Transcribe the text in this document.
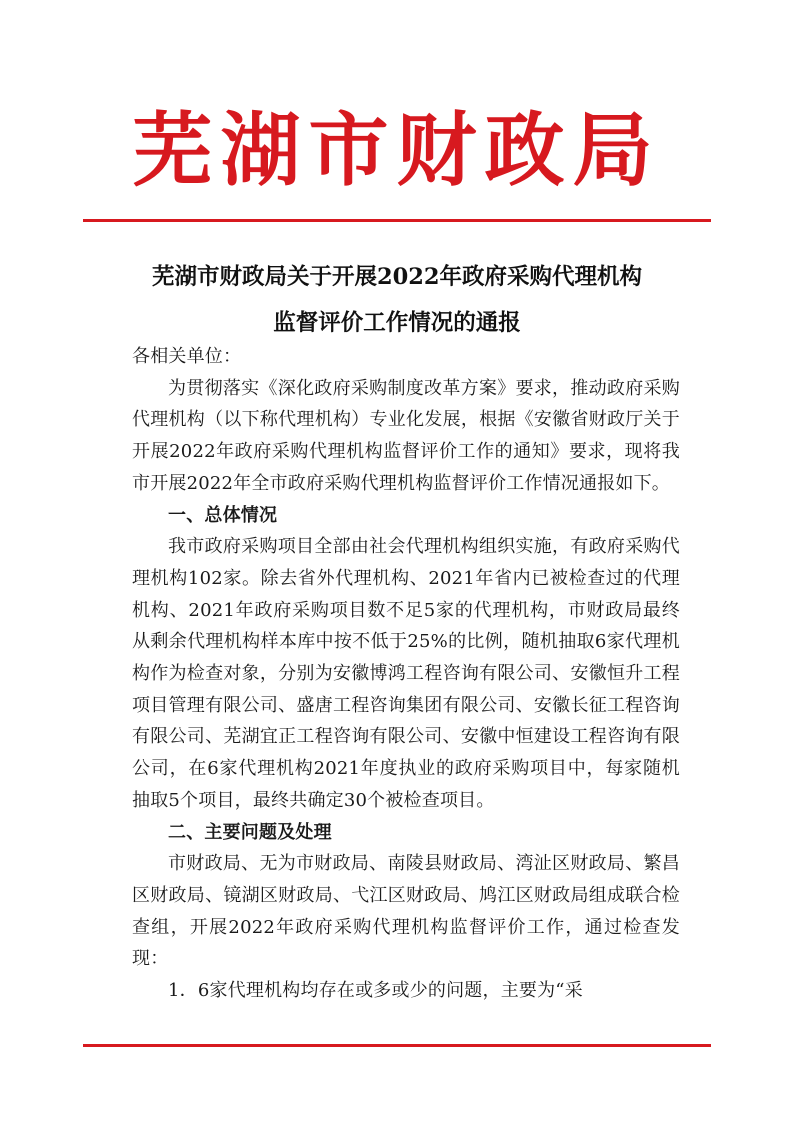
芜湖市财政局
芜湖市财政局关于开展2022年政府采购代理机构
监督评价工作情况的通报

各相关单位：

为贯彻落实《深化政府采购制度改革方案》要求，推动政府采购代理机构（以下称代理机构）专业化发展，根据《安徽省财政厅关于开展2022年政府采购代理机构监督评价工作的通知》要求，现将我市开展2022年全市政府采购代理机构监督评价工作情况通报如下。

一、总体情况

我市政府采购项目全部由社会代理机构组织实施，有政府采购代理机构102家。除去省外代理机构、2021年省内已被检查过的代理机构、2021年政府采购项目数不足5家的代理机构，市财政局最终从剩余代理机构样本库中按不低于25%的比例，随机抽取6家代理机构作为检查对象，分别为安徽博鸿工程咨询有限公司、安徽恒升工程项目管理有限公司、盛唐工程咨询集团有限公司、安徽长征工程咨询有限公司、芜湖宜正工程咨询有限公司、安徽中恒建设工程咨询有限公司，在6家代理机构2021年度执业的政府采购项目中，每家随机抽取5个项目，最终共确定30个被检查项目。

二、主要问题及处理

市财政局、无为市财政局、南陵县财政局、湾沚区财政局、繁昌区财政局、镜湖区财政局、弋江区财政局、鸠江区财政局组成联合检查组，开展2022年政府采购代理机构监督评价工作，通过检查发现：

1．6家代理机构均存在或多或少的问题，主要为“采
